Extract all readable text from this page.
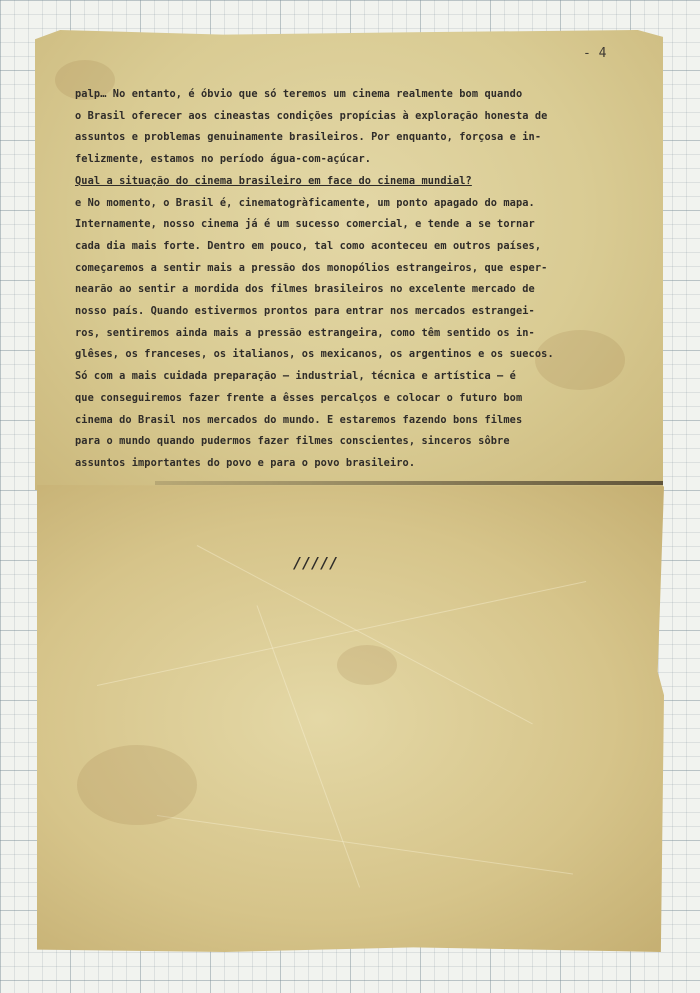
- 4
palp… No entanto, é óbvio que só teremos um cinema realmente bom quando
o Brasil oferecer aos cineastas condições propícias à exploração honesta de
assuntos e problemas genuinamente brasileiros. Por enquanto, forçosa e in-
felizmente, estamos no período água-com-açúcar.
Qual a situação do cinema brasileiro em face do cinema mundial?
e No momento, o Brasil é, cinematogràficamente, um ponto apagado do mapa.
Internamente, nosso cinema já é um sucesso comercial, e tende a se tornar
cada dia mais forte. Dentro em pouco, tal como aconteceu em outros países,
começaremos a sentir mais a pressão dos monopólios estrangeiros, que esper-
nearão ao sentir a mordida dos filmes brasileiros no excelente mercado de
nosso país. Quando estivermos prontos para entrar nos mercados estrangei-
ros, sentiremos ainda mais a pressão estrangeira, como têm sentido os in-
glêses, os franceses, os italianos, os mexicanos, os argentinos e os suecos.
Só com a mais cuidada preparação — industrial, técnica e artística — é
que conseguiremos fazer frente a êsses percalços e colocar o futuro bom
cinema do Brasil nos mercados do mundo. E estaremos fazendo bons filmes
para o mundo quando pudermos fazer filmes conscientes, sinceros sôbre
assuntos importantes do povo e para o povo brasileiro.
/////
